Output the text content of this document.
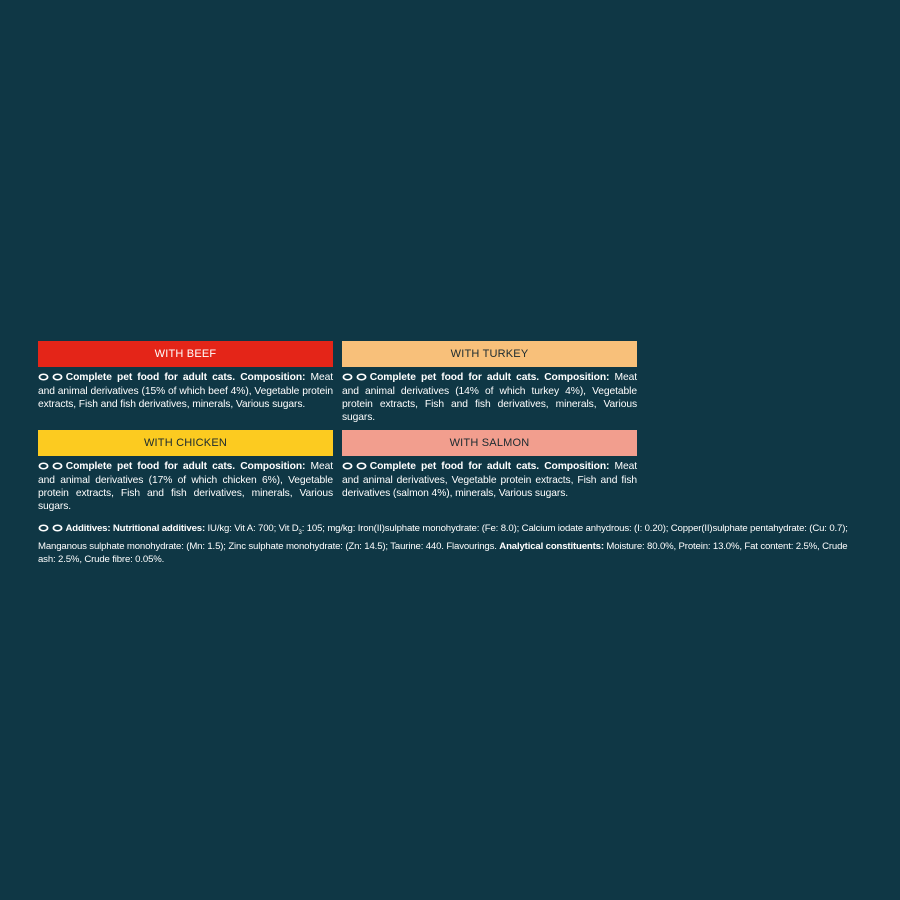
WITH BEEF
Complete pet food for adult cats. Composition: Meat and animal derivatives (15% of which beef 4%), Vegetable protein extracts, Fish and fish derivatives, minerals, Various sugars.
WITH TURKEY
Complete pet food for adult cats. Composition: Meat and animal derivatives (14% of which turkey 4%), Vegetable protein extracts, Fish and fish derivatives, minerals, Various sugars.
WITH CHICKEN
Complete pet food for adult cats. Composition: Meat and animal derivatives (17% of which chicken 6%), Vegetable protein extracts, Fish and fish derivatives, minerals, Various sugars.
WITH SALMON
Complete pet food for adult cats. Composition: Meat and animal derivatives, Vegetable protein extracts, Fish and fish derivatives (salmon 4%), minerals, Various sugars.
Additives: Nutritional additives: IU/kg: Vit A: 700; Vit $D_3$: 105; mg/kg: Iron(II)sulphate monohydrate: (Fe: 8.0); Calcium iodate anhydrous: (I: 0.20); Copper(II)sulphate pentahydrate: (Cu: 0.7); Manganous sulphate monohydrate: (Mn: 1.5); Zinc sulphate monohydrate: (Zn: 14.5); Taurine: 440. Flavourings. Analytical constituents: Moisture: 80.0%, Protein: 13.0%, Fat content: 2.5%, Crude ash: 2.5%, Crude fibre: 0.05%.
